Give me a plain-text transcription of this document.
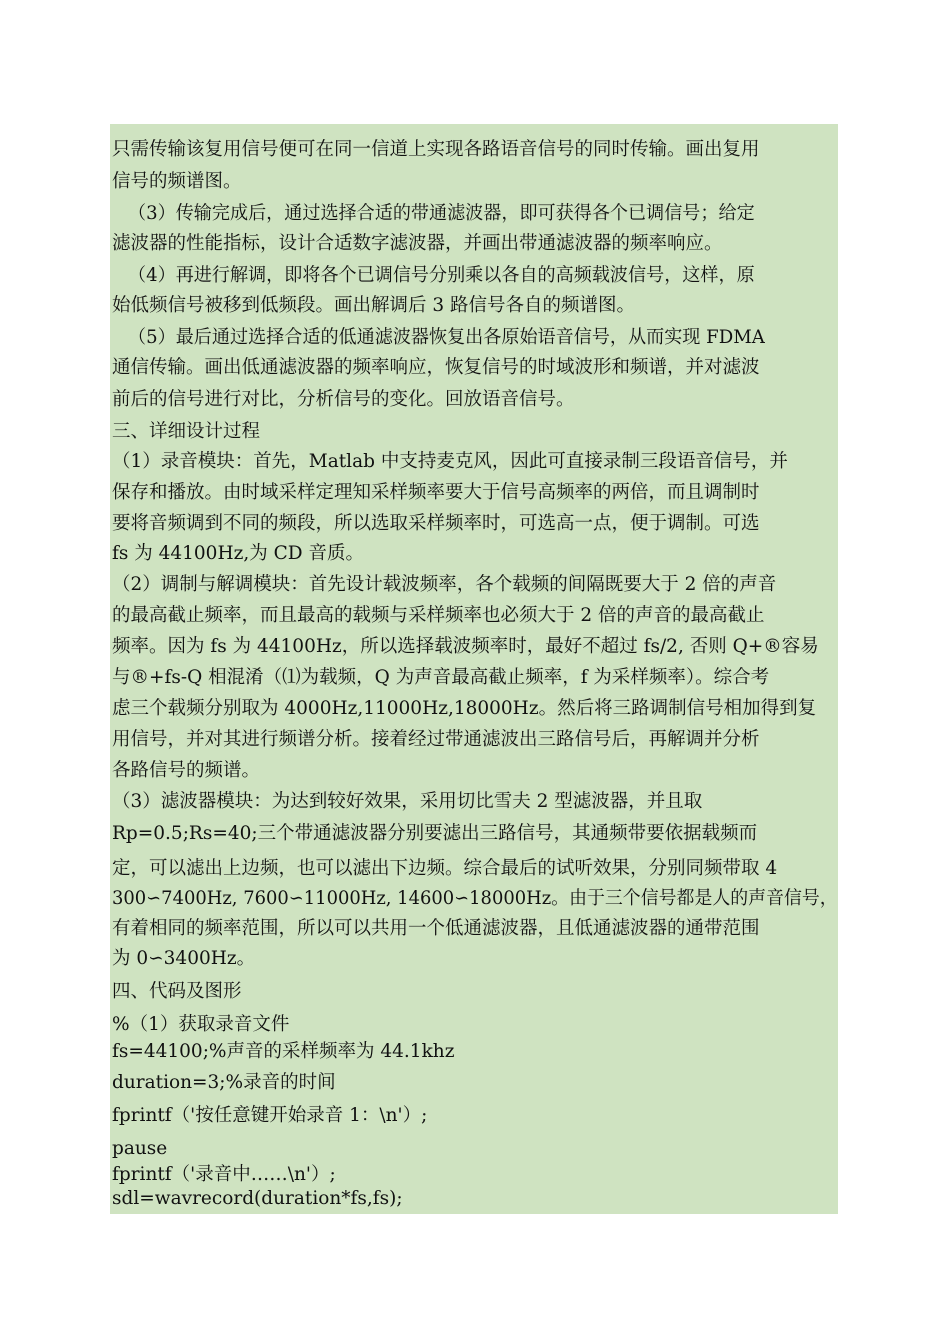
只需传输该复用信号便可在同一信道上实现各路语音信号的同时传输。画出复用
信号的频谱图。
（3）传输完成后，通过选择合适的带通滤波器，即可获得各个已调信号；给定
滤波器的性能指标，设计合适数字滤波器，并画出带通滤波器的频率响应。
（4）再进行解调，即将各个已调信号分别乘以各自的高频载波信号，这样，原
始低频信号被移到低频段。画出解调后 3 路信号各自的频谱图。
（5）最后通过选择合适的低通滤波器恢复出各原始语音信号，从而实现 FDMA
通信传输。画出低通滤波器的频率响应，恢复信号的时域波形和频谱，并对滤波
前后的信号进行对比，分析信号的变化。回放语音信号。
三、详细设计过程
（1）录音模块：首先，Matlab 中支持麦克风，因此可直接录制三段语音信号，并
保存和播放。由时域采样定理知采样频率要大于信号高频率的两倍，而且调制时
要将音频调到不同的频段，所以选取采样频率时，可选高一点，便于调制。可选
fs 为 44100Hz,为 CD 音质。
（2）调制与解调模块：首先设计载波频率，各个载频的间隔既要大于 2 倍的声音
的最高截止频率，而且最高的载频与采样频率也必须大于 2 倍的声音的最高截止
频率。因为 fs 为 44100Hz，所以选择载波频率时，最好不超过 fs/2, 否则 Q+®容易
与®+fs-Q 相混淆（⑴为载频，Q 为声音最高截止频率，f 为采样频率）。综合考
虑三个载频分别取为 4000Hz,11000Hz,18000Hz。然后将三路调制信号相加得到复
用信号，并对其进行频谱分析。接着经过带通滤波出三路信号后，再解调并分析
各路信号的频谱。
（3）滤波器模块：为达到较好效果，采用切比雪夫 2 型滤波器，并且取
Rp=0.5;Rs=40;三个带通滤波器分别要滤出三路信号，其通频带要依据载频而
定，可以滤出上边频，也可以滤出下边频。综合最后的试听效果，分别同频带取 4
300∽7400Hz, 7600∽11000Hz, 14600∽18000Hz。由于三个信号都是人的声音信号，
有着相同的频率范围，所以可以共用一个低通滤波器，且低通滤波器的通带范围
为 0∽3400Hz。
四、代码及图形
%（1）获取录音文件
fs=44100;%声音的采样频率为 44.1khz
duration=3;%录音的时间
fprintf（'按任意键开始录音 1：\n'）;
pause
fprintf（'录音中……\n'）;
sdl=wavrecord(duration*fs,fs);
